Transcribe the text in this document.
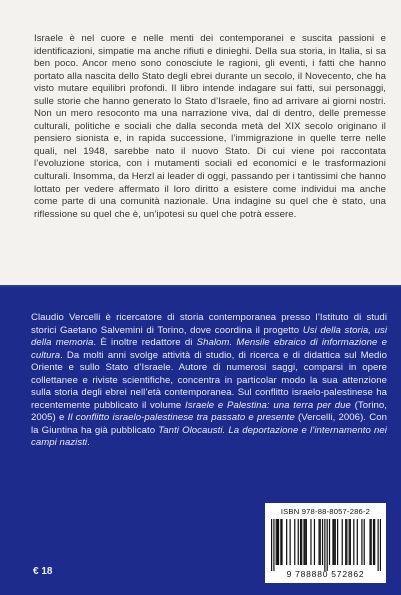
Israele è nel cuore e nelle menti dei contemporanei e suscita passioni e identificazioni, simpatie ma anche rifiuti e dinieghi. Della sua storia, in Italia, si sa ben poco. Ancor meno sono conosciute le ragioni, gli eventi, i fatti che hanno portato alla nascita dello Stato degli ebrei durante un secolo, il Novecento, che ha visto mutare equilibri profondi. Il libro intende indagare sui fatti, sui personaggi, sulle storie che hanno generato lo Stato d’Israele, fino ad arrivare ai giorni nostri. Non un mero resoconto ma una narrazione viva, dal di dentro, delle premesse culturali, politiche e sociali che dalla seconda metà del XIX secolo originano il pensiero sionista e, in rapida successione, l’immigrazione in quelle terre nelle quali, nel 1948, sarebbe nato il nuovo Stato. Di cui viene poi raccontata l’evoluzione storica, con i mutamenti sociali ed economici e le trasformazioni culturali. Insomma, da Herzl ai leader di oggi, passando per i tantissimi che hanno lottato per vedere affermato il loro diritto a esistere come individui ma anche come parte di una comunità nazionale. Una indagine su quel che è stato, una riflessione su quel che è, un’ipotesi su quel che potrà essere.

Claudio Vercelli è ricercatore di storia contemporanea presso l’Istituto di studi storici Gaetano Salvemini di Torino, dove coordina il progetto Usi della storia, usi della memoria. È inoltre redattore di Shalom. Mensile ebraico di informazione e cultura. Da molti anni svolge attività di studio, di ricerca e di didattica sul Medio Oriente e sullo Stato d’Israele. Autore di numerosi saggi, comparsi in opere collettanee e riviste scientifiche, concentra in particolar modo la sua attenzione sulla storia degli ebrei nell’età contemporanea. Sul conflitto israelo-palestinese ha recentemente pubblicato il volume Israele e Palestina: una terra per due (Torino, 2005) e Il conflitto israelo-palestinese tra passato e presente (Vercelli, 2006). Con la Giuntina ha già pubblicato Tanti Olocausti. La deportazione e l’internamento nei campi nazisti.

€ 18
ISBN 978-88-8057-286-2
9 788880 572862
